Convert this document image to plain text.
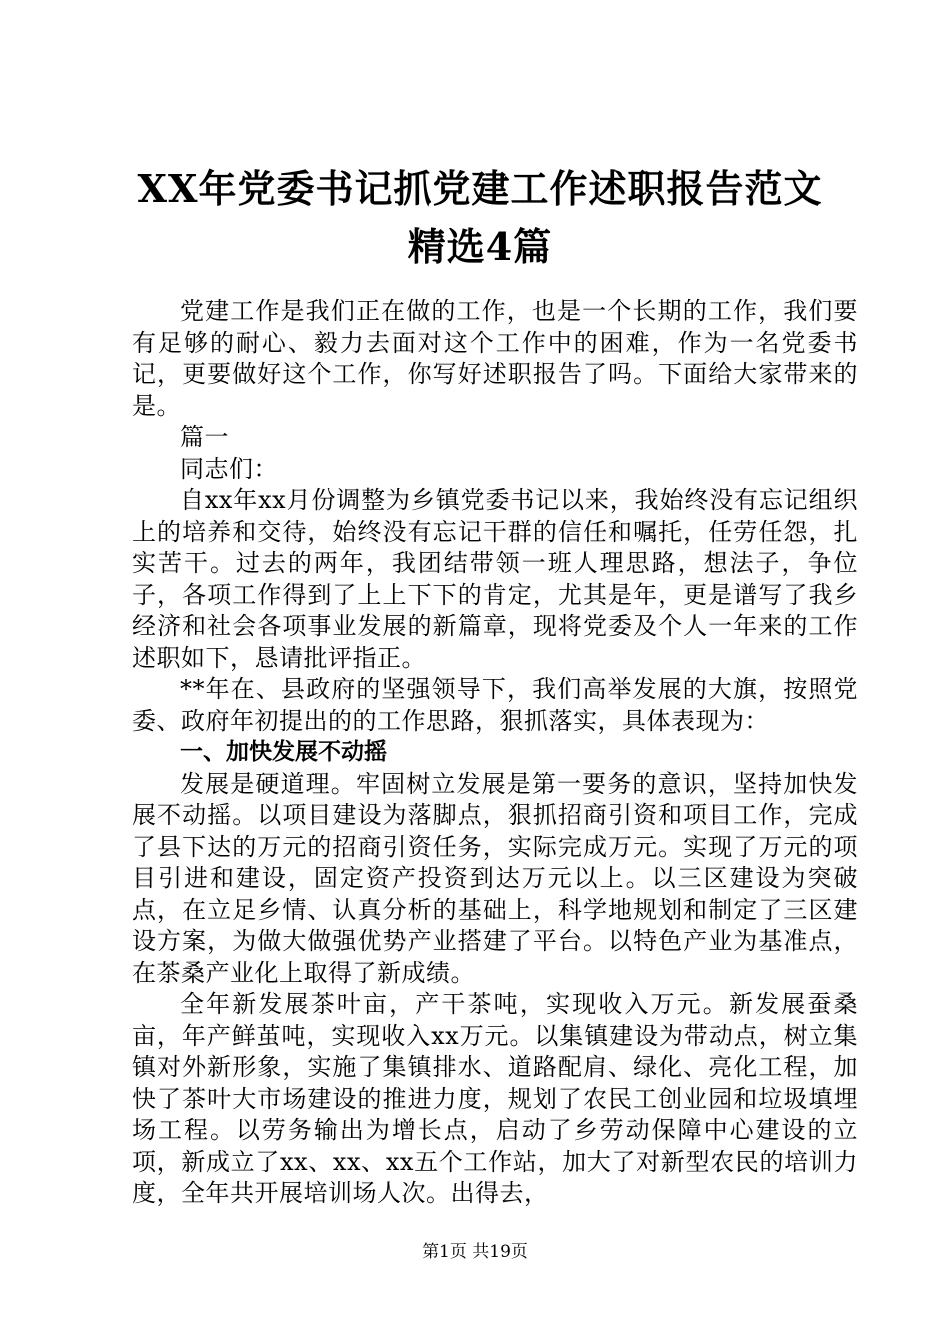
XX年党委书记抓党建工作述职报告范文精选4篇

党建工作是我们正在做的工作，也是一个长期的工作，我们要有足够的耐心、毅力去面对这个工作中的困难，作为一名党委书记，更要做好这个工作，你写好述职报告了吗。下面给大家带来的是。

篇一

同志们：

自xx年xx月份调整为乡镇党委书记以来，我始终没有忘记组织上的培养和交待，始终没有忘记干群的信任和嘱托，任劳任怨，扎实苦干。过去的两年，我团结带领一班人理思路，想法子，争位子，各项工作得到了上上下下的肯定，尤其是年，更是谱写了我乡经济和社会各项事业发展的新篇章，现将党委及个人一年来的工作述职如下，恳请批评指正。

**年在、县政府的坚强领导下，我们高举发展的大旗，按照党委、政府年初提出的的工作思路，狠抓落实，具体表现为：

一、加快发展不动摇

发展是硬道理。牢固树立发展是第一要务的意识，坚持加快发展不动摇。以项目建设为落脚点，狠抓招商引资和项目工作，完成了县下达的万元的招商引资任务，实际完成万元。实现了万元的项目引进和建设，固定资产投资到达万元以上。以三区建设为突破点，在立足乡情、认真分析的基础上，科学地规划和制定了三区建设方案，为做大做强优势产业搭建了平台。以特色产业为基准点，在茶桑产业化上取得了新成绩。

全年新发展茶叶亩，产干茶吨，实现收入万元。新发展蚕桑亩，年产鲜茧吨，实现收入xx万元。以集镇建设为带动点，树立集镇对外新形象，实施了集镇排水、道路配肩、绿化、亮化工程，加快了茶叶大市场建设的推进力度，规划了农民工创业园和垃圾填埋场工程。以劳务输出为增长点，启动了乡劳动保障中心建设的立项，新成立了xx、xx、xx五个工作站，加大了对新型农民的培训力度，全年共开展培训场人次。出得去，

第1页 共19页
